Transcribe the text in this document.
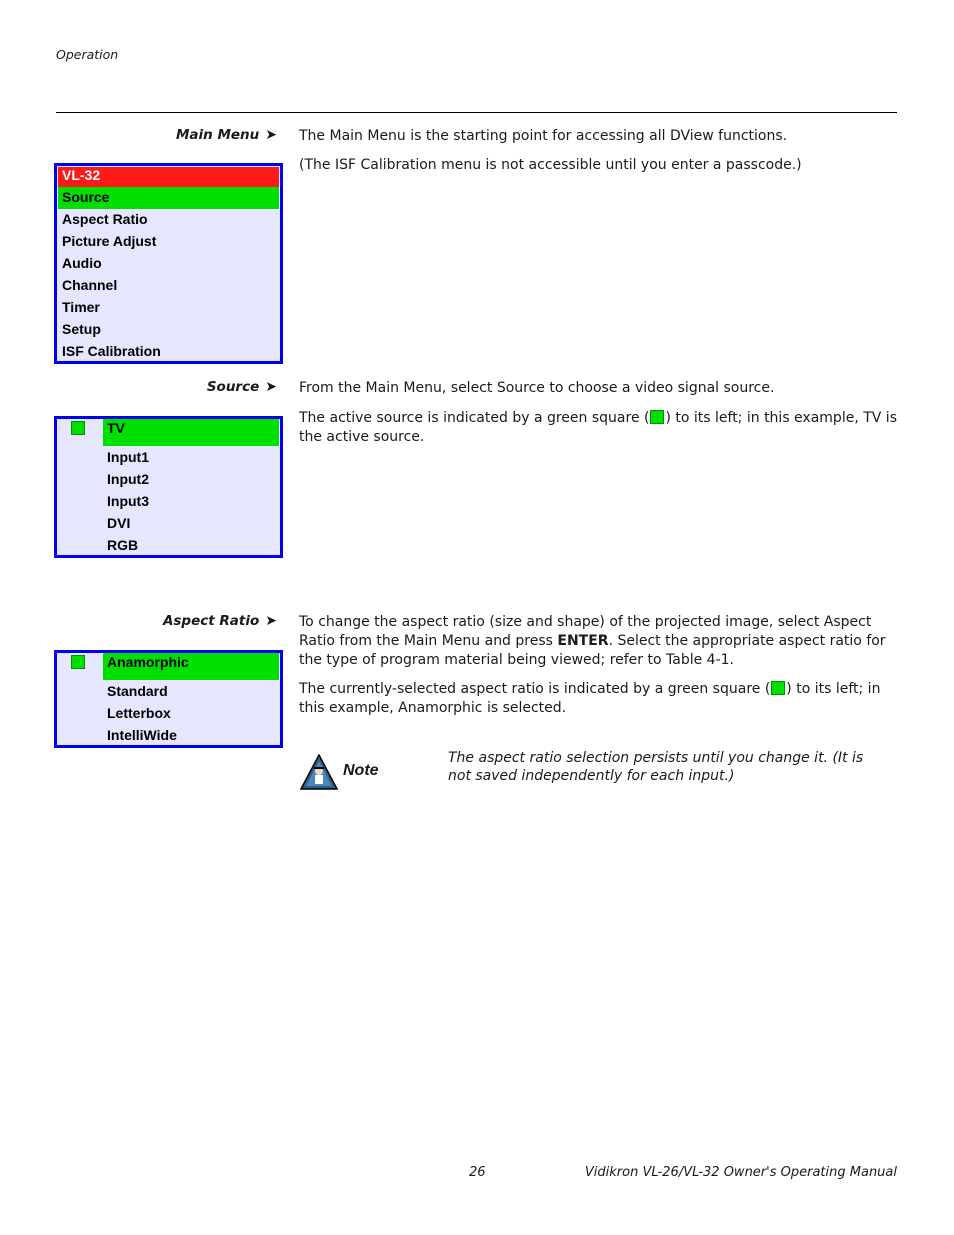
Operation
Main Menu ➤ The Main Menu is the starting point for accessing all DView functions.

(The ISF Calibration menu is not accessible until you enter a passcode.)

VL-32
Source
Aspect Ratio
Picture Adjust
Audio
Channel
Timer
Setup
ISF Calibration
Source ➤ From the Main Menu, select Source to choose a video signal source.

The active source is indicated by a green square ( ) to its left; in this example, TV is the active source.

TV
Input1
Input2
Input3
DVI
RGB
Aspect Ratio ➤ To change the aspect ratio (size and shape) of the projected image, select Aspect Ratio from the Main Menu and press ENTER. Select the appropriate aspect ratio for the type of program material being viewed; refer to Table 4-1.

The currently-selected aspect ratio is indicated by a green square ( ) to its left; in this example, Anamorphic is selected.

Anamorphic
Standard
Letterbox
IntelliWide
Note

The aspect ratio selection persists until you change it. (It is not saved independently for each input.)

26	Vidikron VL-26/VL-32 Owner's Operating Manual
